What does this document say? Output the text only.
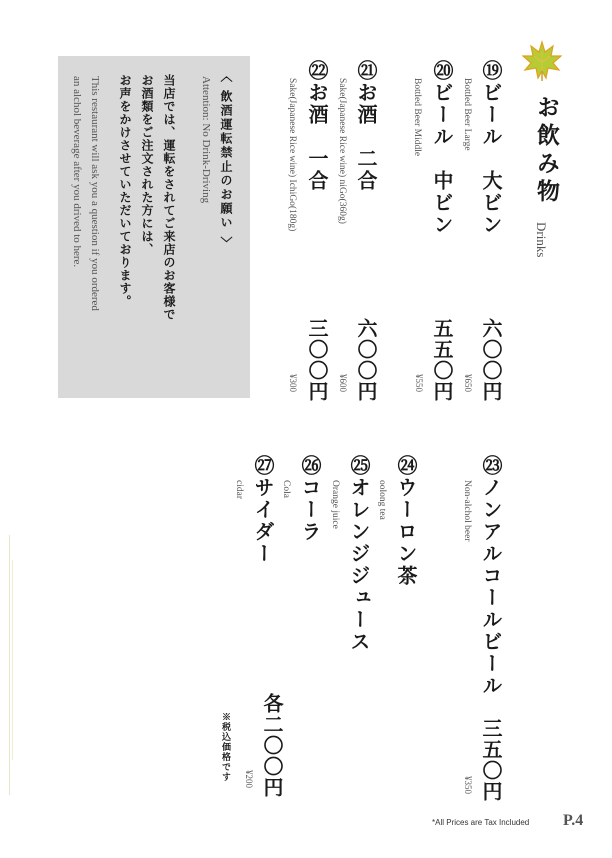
お飲み物
Drinks
⑲ビール　大ビン
Bottled Beer Large
六〇〇円
¥650
⑳ビール　中ビン
Bottled Beer Middle
五五〇円
¥550
㉑お酒　二合
Sake(Japanese Rice wine) niGo(360g)
六〇〇円
¥600
㉒お酒　一合
Sake(Japanese Rice wine) IchiGo(180g)
三〇〇円
¥300
〈 飲酒運転禁止のお願い 〉
Attention: No Drink-Driving
当店では、運転をされてご来店のお客様で
お酒類をご注文された方には、
お声をかけさせていただいております。
This restaurant will ask you a question if you ordered
an alchol beverage after you drived to here.
㉓ノンアルコールビール
Non-alchol beer
三五〇円
¥350
㉔ウーロン茶
oolong tea
㉕オレンジジュース
Orange juice
㉖コーラ
Cola
㉗サイダー
cidar
各二〇〇円
¥200
※税込価格です
*All Prices are Tax Included P.4
